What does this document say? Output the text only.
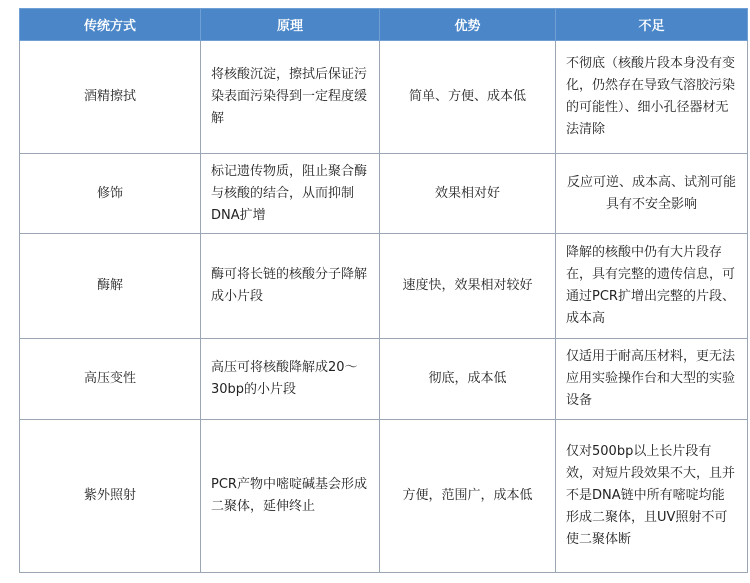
传统方式	原理	优势	不足
酒精擦拭	将核酸沉淀，擦拭后保证污染表面污染得到一定程度缓解	简单、方便、成本低	不彻底（核酸片段本身没有变化，仍然存在导致气溶胶污染的可能性）、细小孔径器材无法清除
修饰	标记遗传物质，阻止聚合酶与核酸的结合，从而抑制DNA扩增	效果相对好	反应可逆、成本高、试剂可能具有不安全影响
酶解	酶可将长链的核酸分子降解成小片段	速度快，效果相对较好	降解的核酸中仍有大片段存在，具有完整的遗传信息，可通过PCR扩增出完整的片段、成本高
高压变性	高压可将核酸降解成20～30bp的小片段	彻底，成本低	仅适用于耐高压材料，更无法应用实验操作台和大型的实验设备
紫外照射	PCR产物中嘧啶碱基会形成二聚体，延伸终止	方便，范围广，成本低	仅对500bp以上长片段有效，对短片段效果不大，且并不是DNA链中所有嘧啶均能形成二聚体，且UV照射不可使二聚体断
